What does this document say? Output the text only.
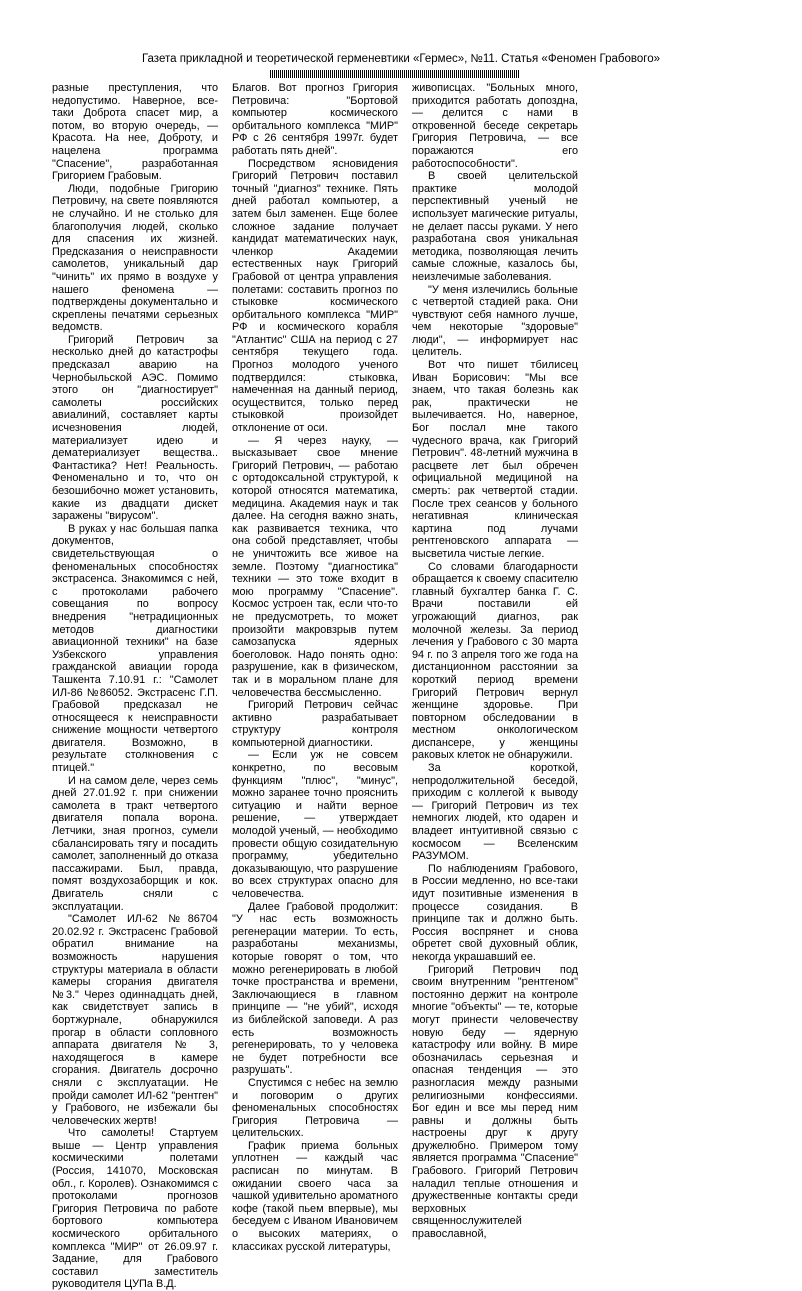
Газета прикладной и теоретической герменевтики «Гермес», №11. Статья «Феномен Грабового»

разные преступления, что недопустимо. Наверное, все-таки Доброта спасет мир, а потом, во вторую очередь, — Красота. На нее, Доброту, и нацелена программа "Спасение", разработанная Григорием Грабовым.

Люди, подобные Григорию Петровичу, на свете появляются не случайно. И не столько для благополучия людей, сколько для спасения их жизней. Предсказания о неисправности самолетов, уникальный дар "чинить" их прямо в воздухе у нашего феномена — подтверждены документально и скреплены печатями серьезных ведомств.

Григорий Петрович за несколько дней до катастрофы предсказал аварию на Чернобыльской АЭС. Помимо этого он "диагностирует" самолеты российских авиалиний, составляет карты исчезновения людей, материализует идею и дематериализует вещества.. Фантастика? Нет! Реальность. Феноменально и то, что он безошибочно может установить, какие из двадцати дискет заражены "вирусом".

В руках у нас большая папка документов, свидетельствующая о феноменальных способностях экстрасенса. Знакомимся с ней, с протоколами рабочего совещания по вопросу внедрения "нетрадиционных методов диагностики авиационной техники" на базе Узбекского управления гражданской авиации города Ташкента 7.10.91 г.: "Самолет ИЛ-86 №86052. Экстрасенс Г.П. Грабовой предсказал не относящееся к неисправности снижение мощности четвертого двигателя. Возможно, в результате столкновения с птицей."

И на самом деле, через семь дней 27.01.92 г. при снижении самолета в тракт четвертого двигателя попала ворона. Летчики, зная прогноз, сумели сбалансировать тягу и посадить самолет, заполненный до отказа пассажирами. Был, правда, помят воздухозаборщик и кок. Двигатель сняли с эксплуатации.

"Самолет ИЛ-62 №86704 20.02.92 г. Экстрасенс Грабовой обратил внимание на возможность нарушения структуры материала в области камеры сгорания двигателя №3." Через одиннадцать дней, как свидетствует запись в бортжурнале, обнаружился прогар в области сопловного аппарата двигателя № 3, находящегося в камере сгорания. Двигатель досрочно сняли с эксплуатации. Не пройди самолет ИЛ-62 "рентген" у Грабового, не избежали бы человеческих жертв!

Что самолеты! Стартуем выше — Центр управления космическими полетами (Россия, 141070, Московская обл., г. Королев). Ознакомимся с протоколами прогнозов Григория Петровича по работе бортового компьютера космического орбитального комплекса "МИР" от 26.09.97 г. Задание, для Грабового составил заместитель руководителя ЦУПа В.Д.

Благов. Вот прогноз Григория Петровича: "Бортовой компьютер космического орбитального комплекса "МИР" РФ с 26 сентября 1997г. будет работать пять дней".

Посредством ясновидения Григорий Петрович поставил точный "диагноз" технике. Пять дней работал компьютер, а затем был заменен. Еще более сложное задание получает кандидат математических наук, членкор Академии естественных наук Григорий Грабовой от центра управления полетами: составить прогноз по стыковке космического орбитального комплекса "МИР" РФ и космического корабля "Атлантис" США на период с 27 сентября текущего года. Прогноз молодого ученого подтвердился: стыковка, намеченная на данный период, осуществится, только перед стыковкой произойдет отклонение от оси.

— Я через науку, — высказывает свое мнение Григорий Петрович, — работаю с ортодоксальной структурой, к которой относятся математика, медицина. Академия наук и так далее. На сегодня важно знать, как развивается техника, что она собой представляет, чтобы не уничтожить все живое на земле. Поэтому "диагностика" техники — это тоже входит в мою программу "Спасение". Космос устроен так, если что-то не предусмотреть, то может произойти макровзрыв путем самозапуска ядерных боеголовок. Надо понять одно: разрушение, как в физическом, так и в моральном плане для человечества бессмысленно.

Григорий Петрович сейчас активно разрабатывает структуру контроля компьютерной диагностики.

— Если уж не совсем конкретно, по весовым функциям "плюс", "минус", можно заранее точно прояснить ситуацию и найти верное решение, — утверждает молодой ученый, — необходимо провести общую созидательную программу, убедительно доказывающую, что разрушение во всех структурах опасно для человечества.

Далее Грабовой продолжит: "У нас есть возможность регенерации материи. То есть, разработаны механизмы, которые говорят о том, что можно регенерировать в любой точке пространства и времени, Заключающиеся в главном принципе — "не убий", исходя из библейской заповеди. А раз есть возможность регенерировать, то у человека не будет потребности все разрушать".

Спустимся с небес на землю и поговорим о других феноменальных способностях Григория Петровича — целительских.

График приема больных уплотнен — каждый час расписан по минутам. В ожидании своего часа за чашкой удивительно ароматного кофе (такой пьем впервые), мы беседуем с Иваном Ивановичем о высоких материях, о классиках русской литературы,

живописцах. "Больных много, приходится работать допоздна, — делится с нами в откровенной беседе секретарь Григория Петровича, — все поражаются его работоспособности".

В своей целительской практике молодой перспективный ученый не использует магические ритуалы, не делает пассы руками. У него разработана своя уникальная методика, позволяющая лечить самые сложные, казалось бы, неизлечимые заболевания.

"У меня излечились больные с четвертой стадией рака. Они чувствуют себя намного лучше, чем некоторые "здоровые" люди", — информирует нас целитель.

Вот что пишет тбилисец Иван Борисович: "Мы все знаем, что такая болезнь как рак, практически не вылечивается. Но, наверное, Бог послал мне такого чудесного врача, как Григорий Петрович". 48-летний мужчина в расцвете лет был обречен официальной медициной на смерть: рак четвертой стадии. После трех сеансов у больного негативная клиническая картина под лучами рентгеновского аппарата — высветила чистые легкие.

Со словами благодарности обращается к своему спасителю главный бухгалтер банка Г. С. Врачи поставили ей угрожающий диагноз, рак молочной железы. За период лечения у Грабового с 30 марта 94 г. по 3 апреля того же года на дистанционном расстоянии за короткий период времени Григорий Петрович вернул женщине здоровье. При повторном обследовании в местном онкологическом диспансере, у женщины раковых клеток не обнаружили.

За короткой, непродолжительной беседой, приходим с коллегой к выводу — Григорий Петрович из тех немногих людей, кто одарен и владеет интуитивной связью с космосом — Вселенским РАЗУМОМ.

По наблюдениям Грабового, в России медленно, но все-таки идут позитивные изменения в процессе созидания. В принципе так и должно быть. Россия воспрянет и снова обретет свой духовный облик, некогда украшавший ее.

Григорий Петрович под своим внутренним "рентгеном" постоянно держит на контроле многие "объекты" — те, которые могут принести человечеству новую беду — ядерную катастрофу или войну. В мире обозначилась серьезная и опасная тенденция — это разногласия между разными религиозными конфессиями. Бог един и все мы перед ним равны и должны быть настроены друг к другу дружелюбно. Примером тому является программа "Спасение" Грабового. Григорий Петрович наладил теплые отношения и дружественные контакты среди верховных священнослужителей православной,
